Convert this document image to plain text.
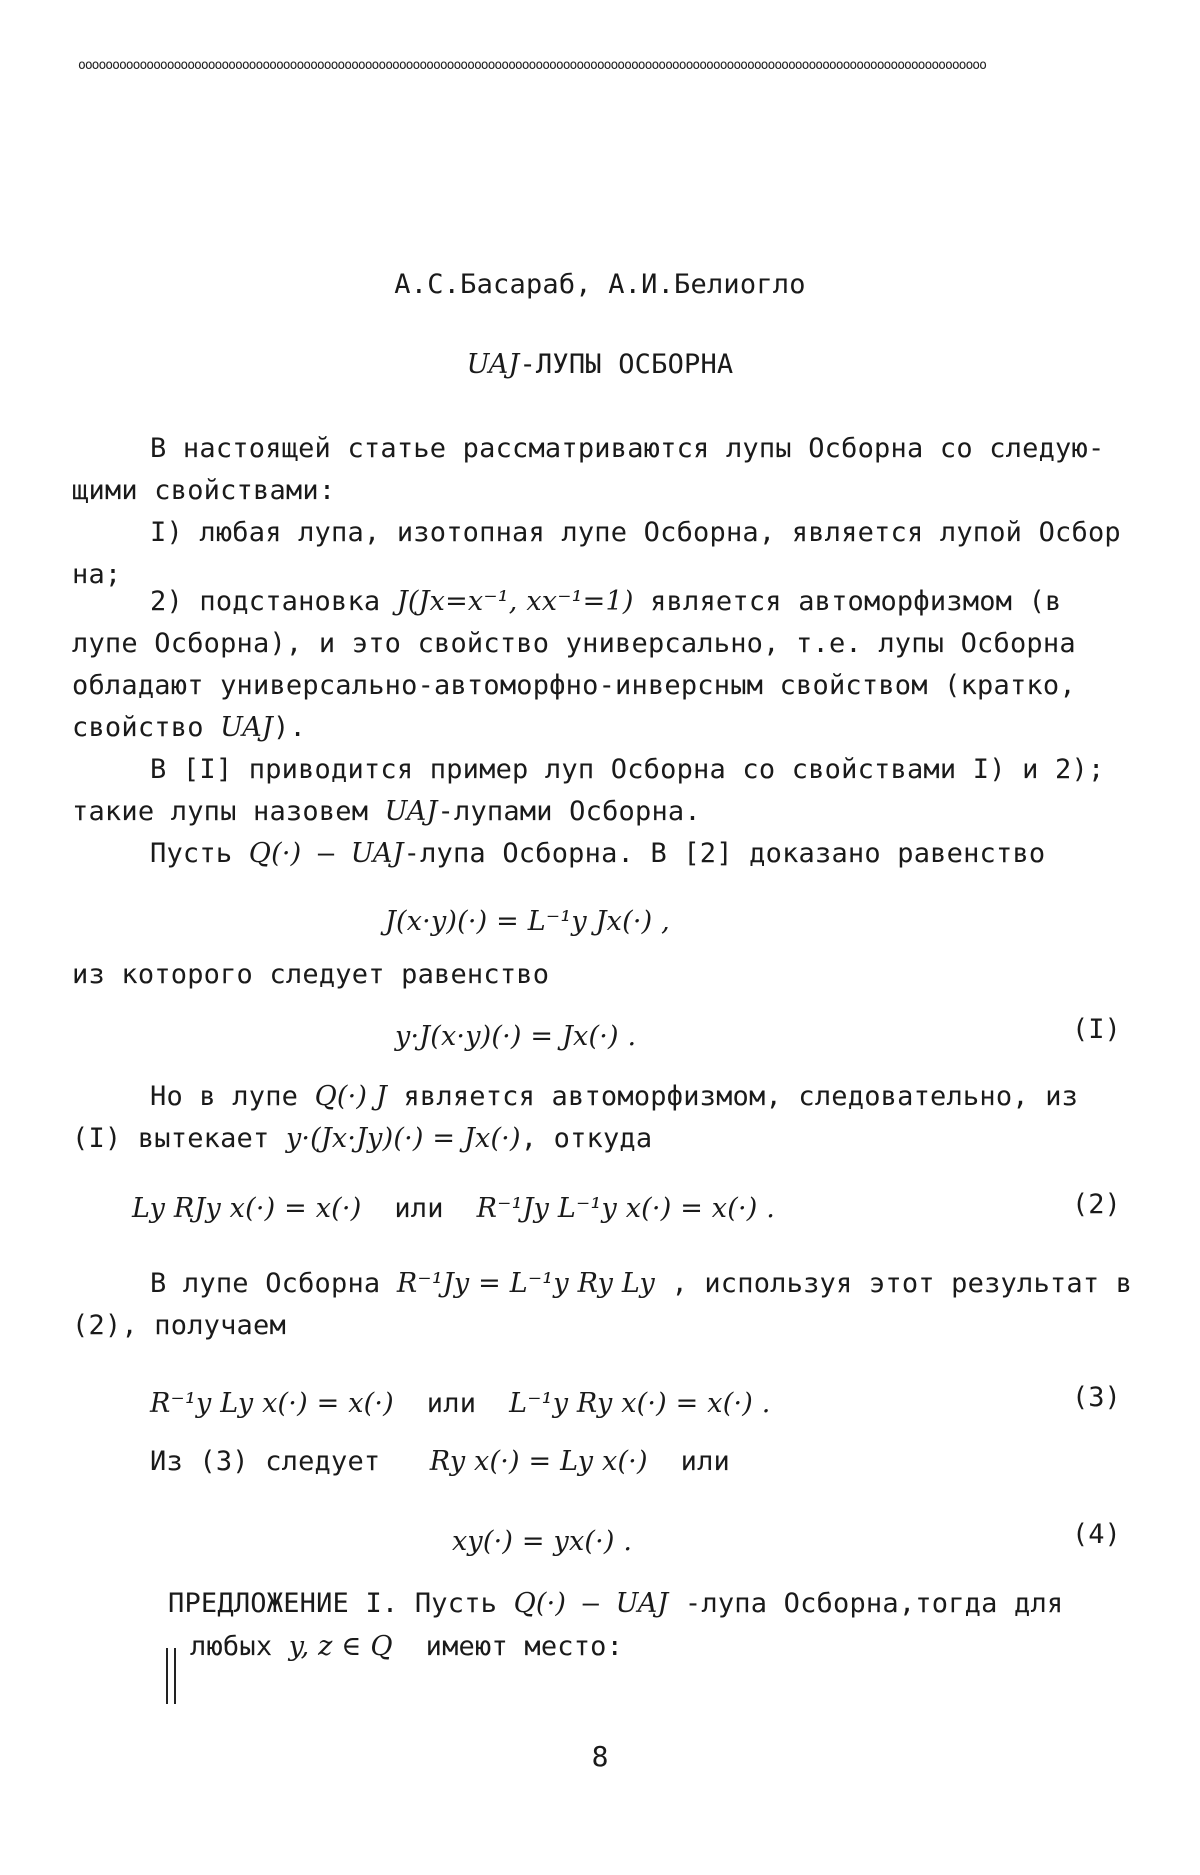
ooooooooooooooooooooooooooooooooooooooooooooooooooooooooooooooooooooooooooooooooooooooooooooooooooooooooooooooooooooooooooooooooooooo
А.С.Басараб, А.И.Белиогло
UAJ-ЛУПЫ ОСБОРНА
В настоящей статье рассматриваются лупы Осборна со следую-
щими свойствами:
I) любая лупа, изотопная лупе Осборна, является лупой Осбор
на;
2) подстановка J(Jx=x⁻¹, xx⁻¹=1) является автоморфизмом (в
лупе Осборна), и это свойство универсально, т.е. лупы Осборна
обладают универсально-автоморфно-инверсным свойством (кратко,
свойство UAJ).
В [I] приводится пример луп Осборна со свойствами I) и 2);
такие лупы назовем UAJ-лупами Осборна.
Пусть Q(·) – UAJ-лупа Осборна. В [2] доказано равенство
J(x·y)(·) = L⁻¹y Jx(·) ,
из которого следует равенство
y·J(x·y)(·) = Jx(·) .	(I)
Но в лупе Q(·) J является автоморфизмом, следовательно, из
(I) вытекает y·(Jx·Jy)(·) = Jx(·), откуда
Ly RJy x(·) = x(·) или R⁻¹Jy L⁻¹y x(·) = x(·) .	(2)
В лупе Осборна R⁻¹Jy = L⁻¹y Ry Ly , используя этот результат в
(2), получаем
R⁻¹y Ly x(·) = x(·) или L⁻¹y Ry x(·) = x(·) .	(3)
Из (3) следует Ry x(·) = Ly x(·) или
xy(·) = yx(·) .	(4)
ПРЕДЛОЖЕНИЕ I. Пусть Q(·) – UAJ -лупа Осборна,тогда для
любых y, z ∈ Q имеют место:
8
